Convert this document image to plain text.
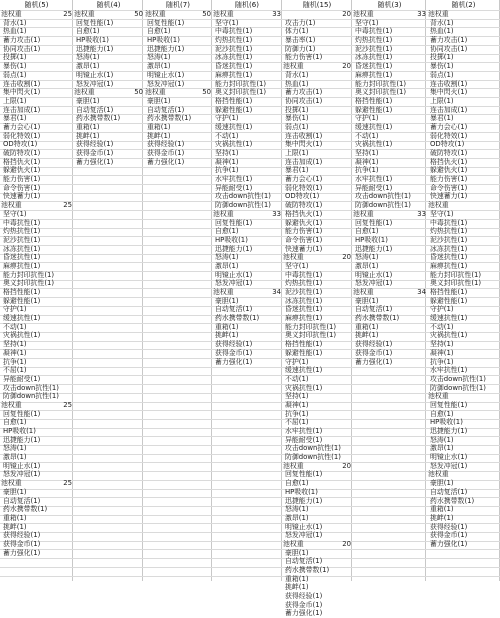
随机(5)
池权重	25
背水(1)
热血(1)
蓄力攻击(1)
协同攻击(1)
投掷(1)
暴伤(1)
弱点(1)
连击收割(1)
集中閃火(1)
上限(1)
连击加成(1)
暴君(1)
蓄力会心(1)
弱化特效(1)
OD特攻(1)
破防特攻(1)
格挡仇火(1)
躲避仇火(1)
能力伤害(1)
命令伤害(1)
快速蓄力(1)
池权重	25
坚守(1)
中毒抗性(1)
灼热抗性(1)
泥沙抗性(1)
冰冻抗性(1)
昏迷抗性(1)
麻痹抗性(1)
能力封印抗性(1)
奥义封印抗性(1)
格挡性能(1)
躲避性能(1)
守护(1)
缓速抗性(1)
不动(1)
灾祸抗性(1)
坚持(1)
凝神(1)
抗争(1)
不屈(1)
异能耐受(1)
攻击down抗性(1)
防御down抗性(1)
池权重	25
回复性能(1)
自愈(1)
HP吸收(1)
迅捷能力(1)
怒涛(1)
激昂(1)
明镜止水(1)
怒发冲冠(1)
池权重	25
豪胆(1)
自动复活(1)
药水携带数(1)
重箱(1)
挑衅(1)
获得经验(1)
获得金币(1)
蓄力强化(1)
随机(4)
池权重	50
回复性能(1)
自愈(1)
HP吸收(1)
迅捷能力(1)
怒涛(1)
激昂(1)
明镜止水(1)
怒发冲冠(1)
池权重	50
豪胆(1)
自动复活(1)
药水携带数(1)
重箱(1)
挑衅(1)
获得经验(1)
获得金币(1)
蓄力强化(1)
随机(7)
池权重	50
回复性能(1)
自愈(1)
HP吸收(1)
迅捷能力(1)
怒涛(1)
激昂(1)
明镜止水(1)
怒发冲冠(1)
池权重	50
豪胆(1)
自动复活(1)
药水携带数(1)
重箱(1)
挑衅(1)
获得经验(1)
获得金币(1)
蓄力强化(1)
随机(6)
池权重	33
坚守(1)
中毒抗性(1)
灼热抗性(1)
泥沙抗性(1)
冰冻抗性(1)
昏迷抗性(1)
麻痹抗性(1)
能力封印抗性(1)
奥义封印抗性(1)
格挡性能(1)
躲避性能(1)
守护(1)
缓速抗性(1)
不动(1)
灾祸抗性(1)
坚持(1)
凝神(1)
抗争(1)
水牢抗性(1)
异能耐受(1)
攻击down抗性(1)
防御down抗性(1)
池权重	33
回复性能(1)
自愈(1)
HP吸收(1)
迅捷能力(1)
怒涛(1)
激昂(1)
明镜止水(1)
怒发冲冠(1)
池权重	34
豪胆(1)
自动复活(1)
药水携带数(1)
重箱(1)
挑衅(1)
获得经验(1)
获得金币(1)
蓄力强化(1)
随机(15)
20
攻击力(1)
体力(1)
暴击率(1)
防御力(1)
能力伤害(1)
池权重	20
背水(1)
热血(1)
蓄力攻击(1)
协同攻击(1)
投掷(1)
暴伤(1)
弱点(1)
连击收割(1)
集中閃火(1)
上限(1)
连击加成(1)
暴君(1)
蓄力会心(1)
弱化特效(1)
OD特攻(1)
破防特攻(1)
格挡仇火(1)
躲避仇火(1)
能力伤害(1)
命令伤害(1)
快速蓄力(1)
池权重	20
坚守(1)
中毒抗性(1)
灼热抗性(1)
泥沙抗性(1)
冰冻抗性(1)
昏迷抗性(1)
麻痹抗性(1)
能力封印抗性(1)
奥义封印抗性(1)
格挡性能(1)
躲避性能(1)
守护(1)
缓速抗性(1)
不动(1)
灾祸抗性(1)
坚持(1)
凝神(1)
抗争(1)
不屈(1)
水牢抗性(1)
异能耐受(1)
攻击down抗性(1)
防御down抗性(1)
池权重	20
回复性能(1)
自愈(1)
HP吸收(1)
迅捷能力(1)
怒涛(1)
激昂(1)
明镜止水(1)
怒发冲冠(1)
池权重	20
豪胆(1)
自动复活(1)
药水携带数(1)
重箱(1)
挑衅(1)
获得经验(1)
获得金币(1)
蓄力强化(1)
随机(3)
池权重	33
坚守(1)
中毒抗性(1)
灼热抗性(1)
泥沙抗性(1)
冰冻抗性(1)
昏迷抗性(1)
麻痹抗性(1)
能力封印抗性(1)
奥义封印抗性(1)
格挡性能(1)
躲避性能(1)
守护(1)
缓速抗性(1)
不动(1)
灾祸抗性(1)
坚持(1)
凝神(1)
抗争(1)
水牢抗性(1)
异能耐受(1)
攻击down抗性(1)
防御down抗性(1)
池权重	33
回复性能(1)
自愈(1)
HP吸收(1)
迅捷能力(1)
怒涛(1)
激昂(1)
明镜止水(1)
怒发冲冠(1)
池权重	34
豪胆(1)
自动复活(1)
药水携带数(1)
重箱(1)
挑衅(1)
获得经验(1)
获得金币(1)
蓄力强化(1)
随机(2)
池权重
背水(1)
热血(1)
蓄力攻击(1)
协同攻击(1)
投掷(1)
暴伤(1)
弱点(1)
连击收割(1)
集中閃火(1)
上限(1)
连击加成(1)
暴君(1)
蓄力会心(1)
弱化特效(1)
OD特攻(1)
破防特攻(1)
格挡仇火(1)
躲避仇火(1)
能力伤害(1)
命令伤害(1)
快速蓄力(1)
池权重
坚守(1)
中毒抗性(1)
灼热抗性(1)
泥沙抗性(1)
冰冻抗性(1)
昏迷抗性(1)
麻痹抗性(1)
能力封印抗性(1)
奥义封印抗性(1)
格挡性能(1)
躲避性能(1)
守护(1)
缓速抗性(1)
不动(1)
灾祸抗性(1)
坚持(1)
凝神(1)
抗争(1)
水牢抗性(1)
攻击down抗性(1)
防御down抗性(1)
池权重
回复性能(1)
自愈(1)
HP吸收(1)
迅捷能力(1)
怒涛(1)
激昂(1)
明镜止水(1)
怒发冲冠(1)
池权重
豪胆(1)
自动复活(1)
药水携带数(1)
重箱(1)
挑衅(1)
获得经验(1)
获得金币(1)
蓄力强化(1)
